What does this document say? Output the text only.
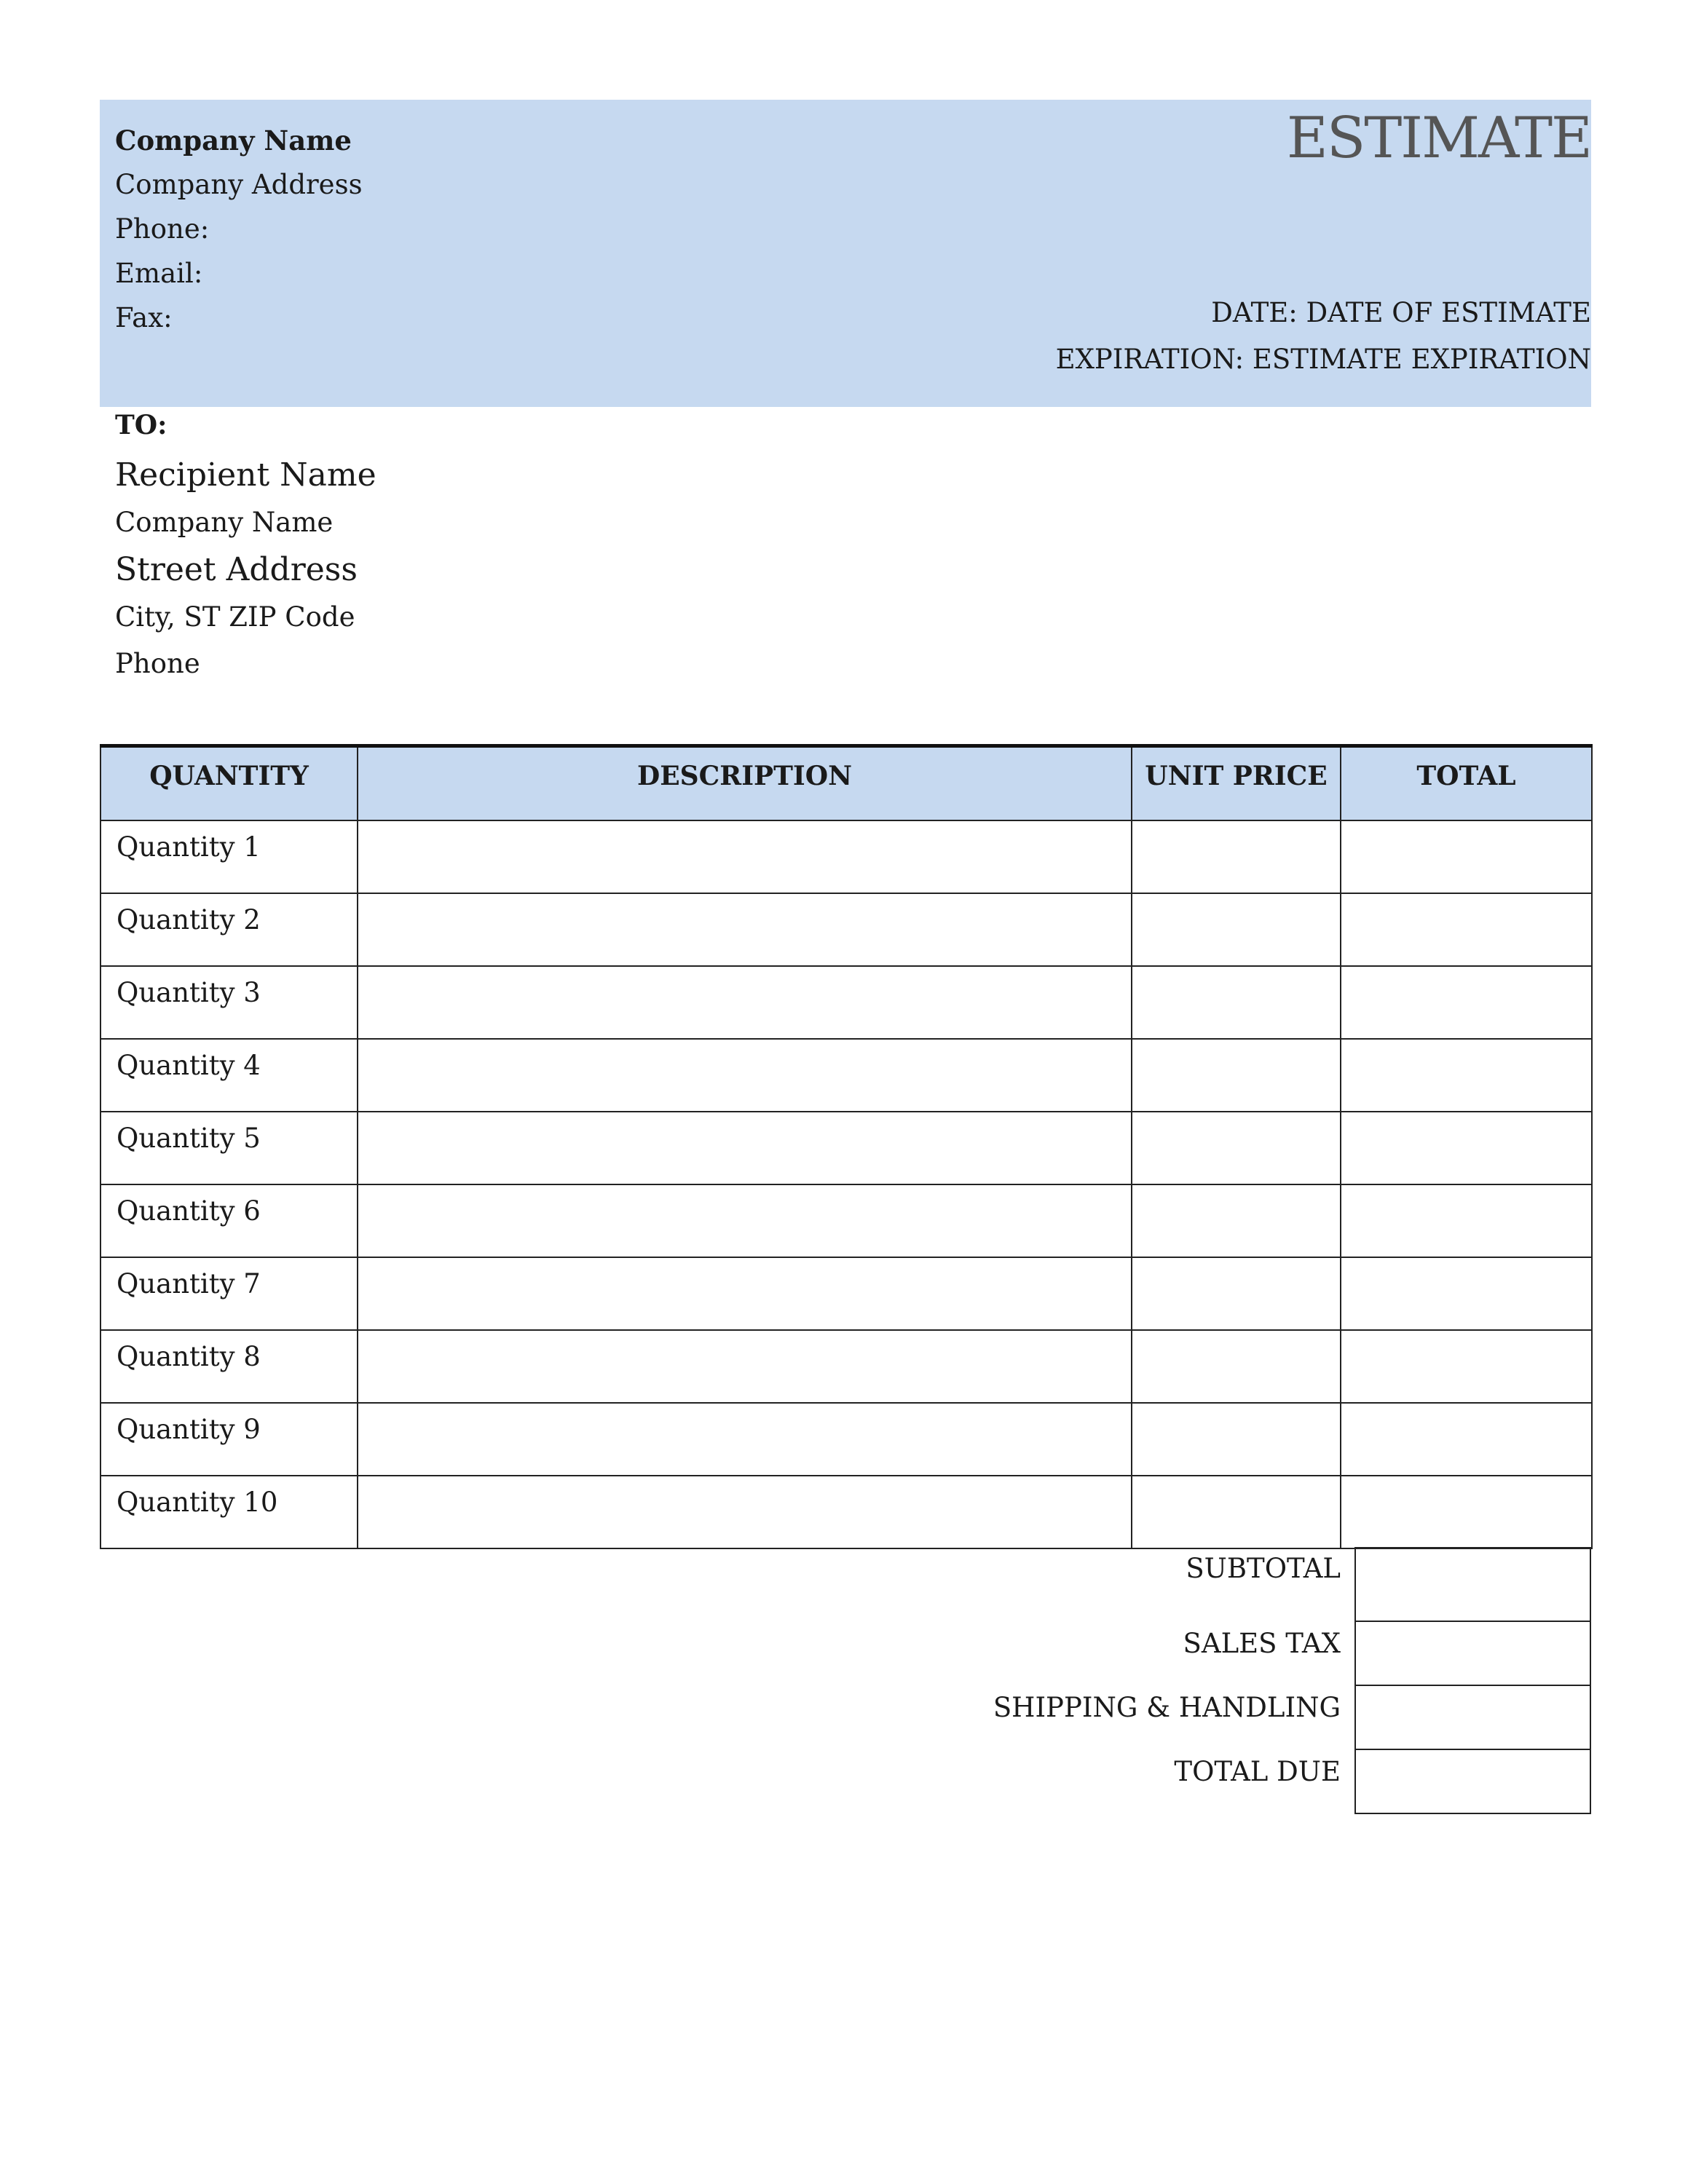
Company Name
Company Address
Phone:
Email:
Fax:
ESTIMATE
DATE: DATE OF ESTIMATE
EXPIRATION: ESTIMATE EXPIRATION
TO:
Recipient Name
Company Name
Street Address
City, ST ZIP Code
Phone
QUANTITY	DESCRIPTION	UNIT PRICE	TOTAL
Quantity 1			
Quantity 2			
Quantity 3			
Quantity 4			
Quantity 5			
Quantity 6			
Quantity 7			
Quantity 8			
Quantity 9			
Quantity 10			
SUBTOTAL
SALES TAX
SHIPPING & HANDLING
TOTAL DUE
